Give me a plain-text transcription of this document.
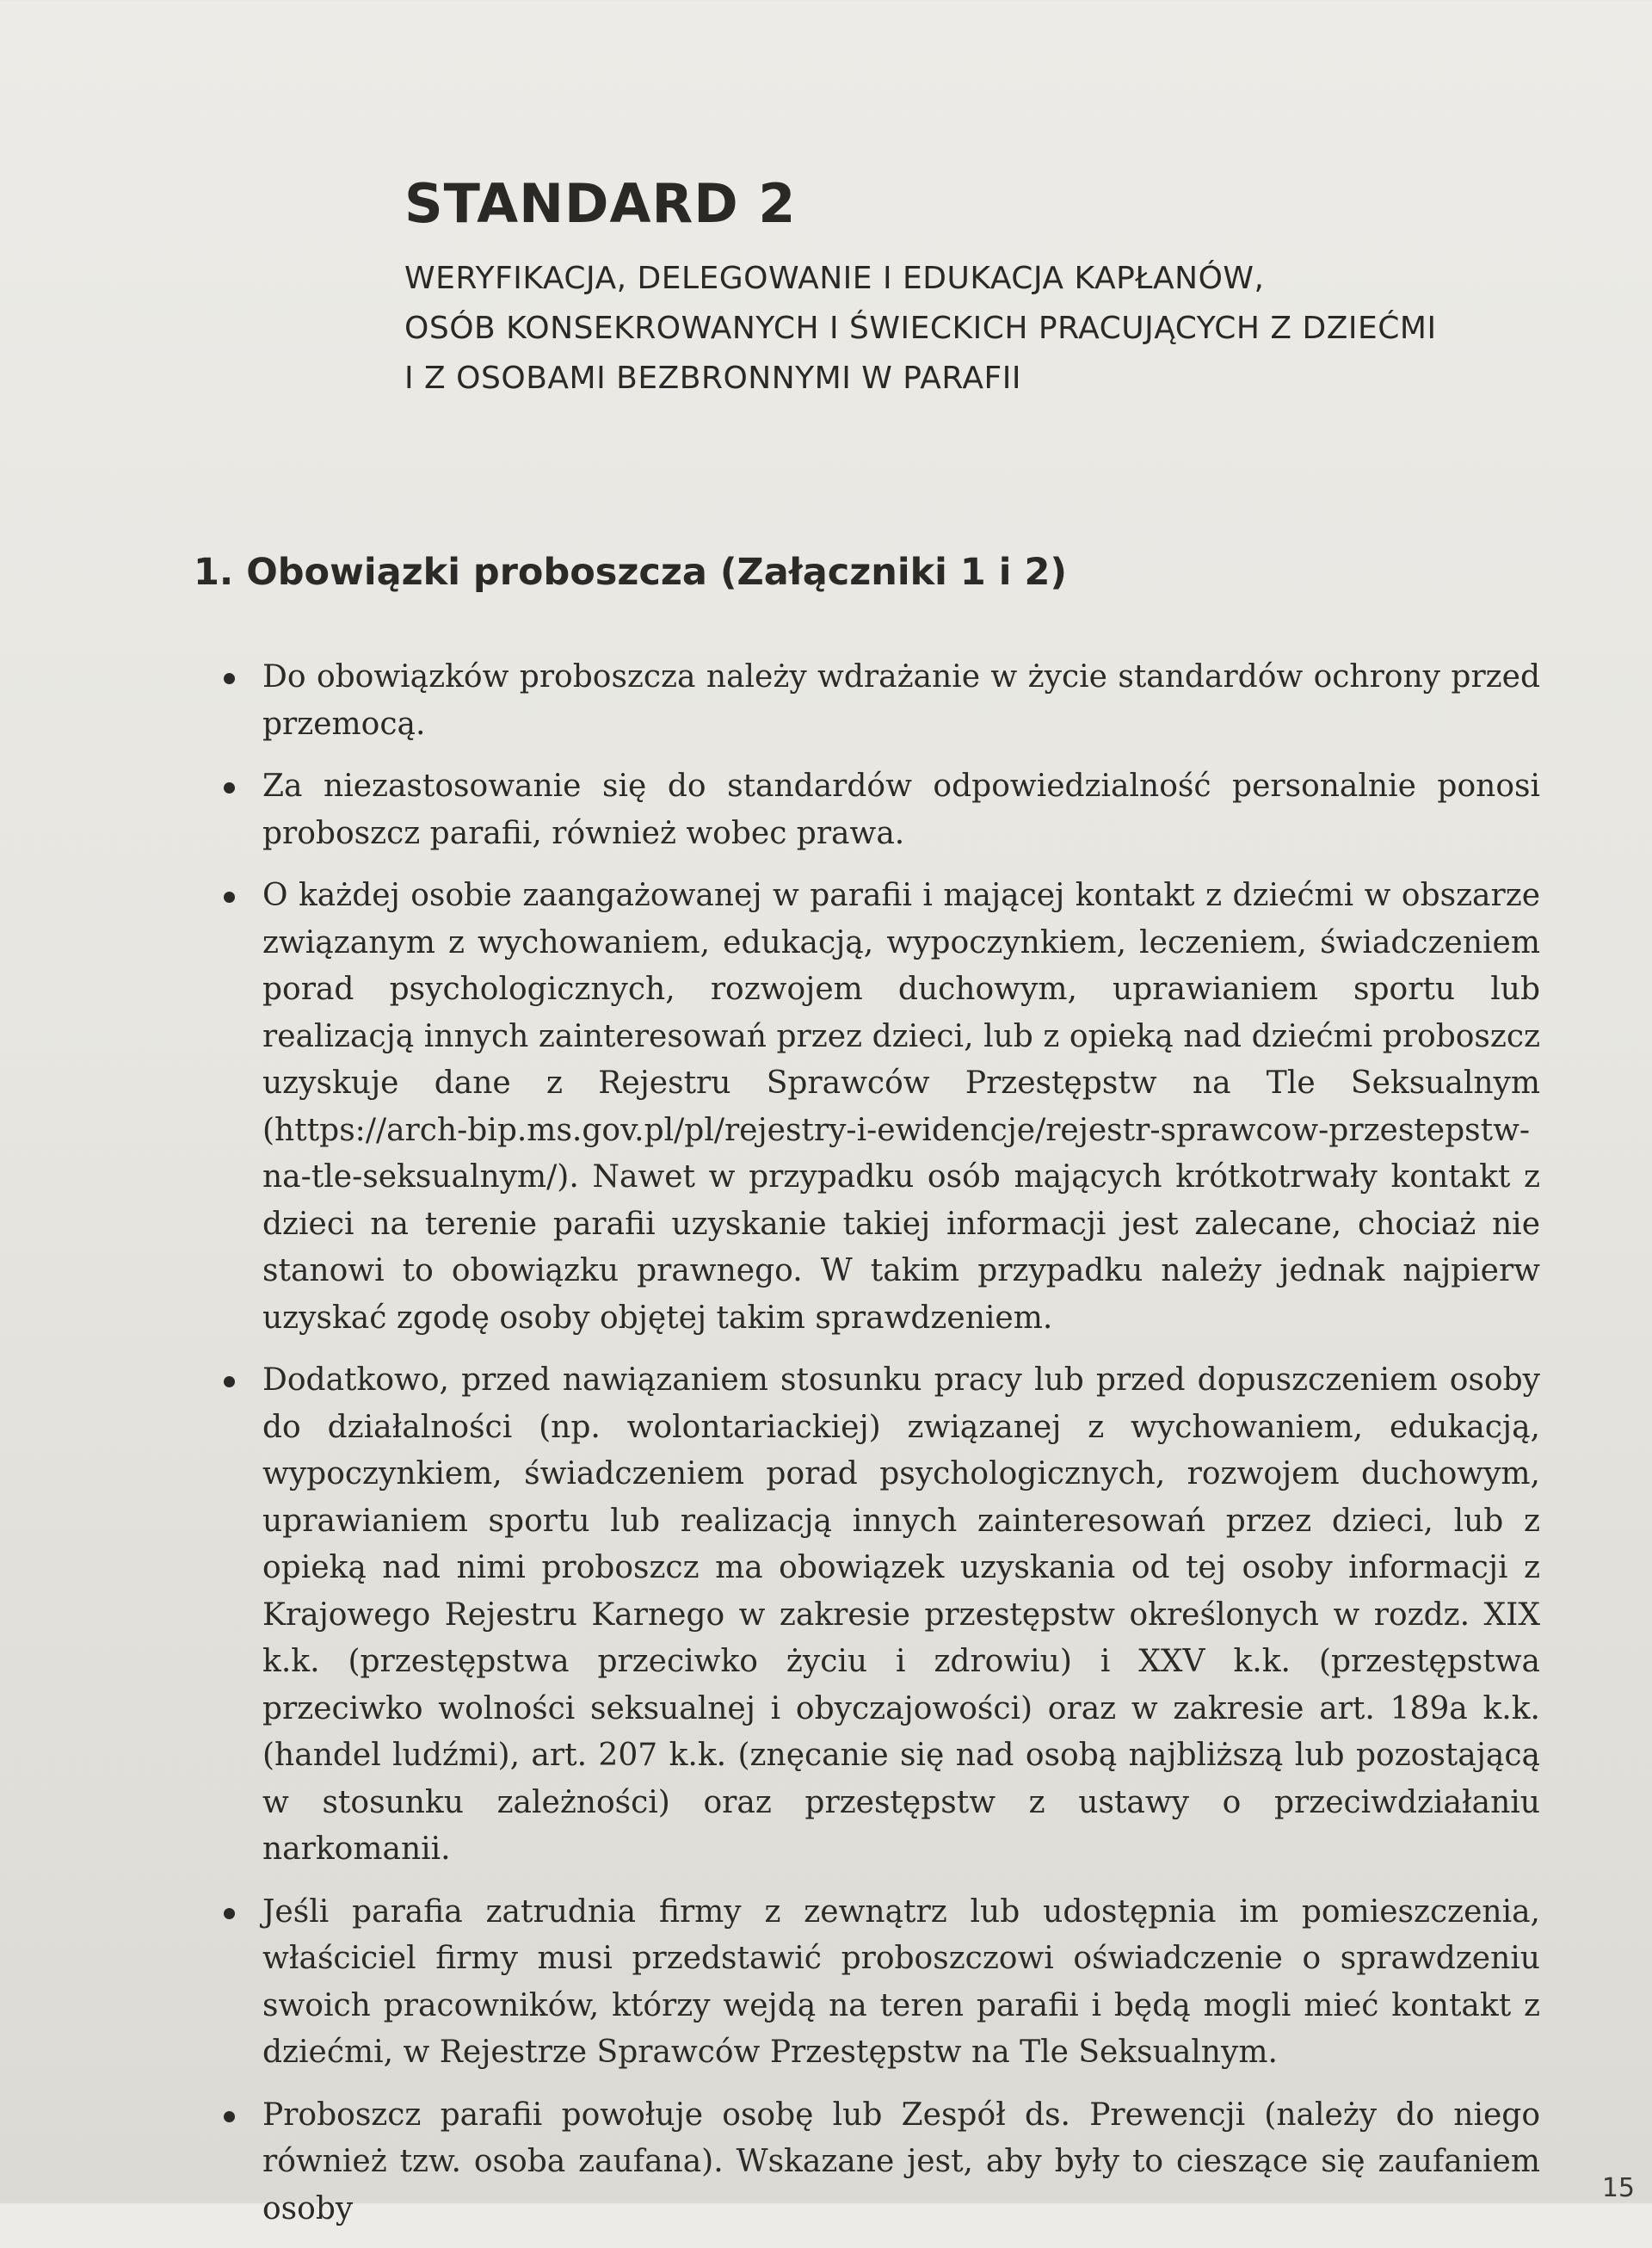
STANDARD 2

WERYFIKACJA, DELEGOWANIE I EDUKACJA KAPŁANÓW,
OSÓB KONSEKROWANYCH I ŚWIECKICH PRACUJĄCYCH Z DZIEĆMI
I Z OSOBAMI BEZBRONNYMI W PARAFII

1. Obowiązki proboszcza (Załączniki 1 i 2)
Do obowiązków proboszcza należy wdrażanie w życie standardów ochrony przed przemocą.
Za niezastosowanie się do standardów odpowiedzialność personalnie ponosi proboszcz parafii, również wobec prawa.
O każdej osobie zaangażowanej w parafii i mającej kontakt z dziećmi w obszarze związanym z wychowaniem, edukacją, wypoczynkiem, leczeniem, świadczeniem porad psychologicznych, rozwojem duchowym, uprawianiem sportu lub realizacją innych zainteresowań przez dzieci, lub z opieką nad dziećmi proboszcz uzyskuje dane z Rejestru Sprawców Przestępstw na Tle Seksualnym (https://arch-bip.ms.gov.pl/pl/rejestry-i-ewidencje/rejestr-sprawcow-przestepstw-na-tle-seksualnym/). Nawet w przypadku osób mających krótkotrwały kontakt z dzieci na terenie parafii uzyskanie takiej informacji jest zalecane, chociaż nie stanowi to obowiązku prawnego. W takim przypadku należy jednak najpierw uzyskać zgodę osoby objętej takim sprawdzeniem.
Dodatkowo, przed nawiązaniem stosunku pracy lub przed dopuszczeniem osoby do działalności (np. wolontariackiej) związanej z wychowaniem, edukacją, wypoczynkiem, świadczeniem porad psychologicznych, rozwojem duchowym, uprawianiem sportu lub realizacją innych zainteresowań przez dzieci, lub z opieką nad nimi proboszcz ma obowiązek uzyskania od tej osoby informacji z Krajowego Rejestru Karnego w zakresie przestępstw określonych w rozdz. XIX k.k. (przestępstwa przeciwko życiu i zdrowiu) i XXV k.k. (przestępstwa przeciwko wolności seksualnej i obyczajowości) oraz w zakresie art. 189a k.k. (handel ludźmi), art. 207 k.k. (znęcanie się nad osobą najbliższą lub pozostającą w stosunku zależności) oraz przestępstw z ustawy o przeciwdziałaniu narkomanii.
Jeśli parafia zatrudnia firmy z zewnątrz lub udostępnia im pomieszczenia, właściciel firmy musi przedstawić proboszczowi oświadczenie o sprawdzeniu swoich pracowników, którzy wejdą na teren parafii i będą mogli mieć kontakt z dziećmi, w Rejestrze Sprawców Przestępstw na Tle Seksualnym.
Proboszcz parafii powołuje osobę lub Zespół ds. Prewencji (należy do niego również tzw. osoba zaufana). Wskazane jest, aby były to cieszące się zaufaniem osoby
15
